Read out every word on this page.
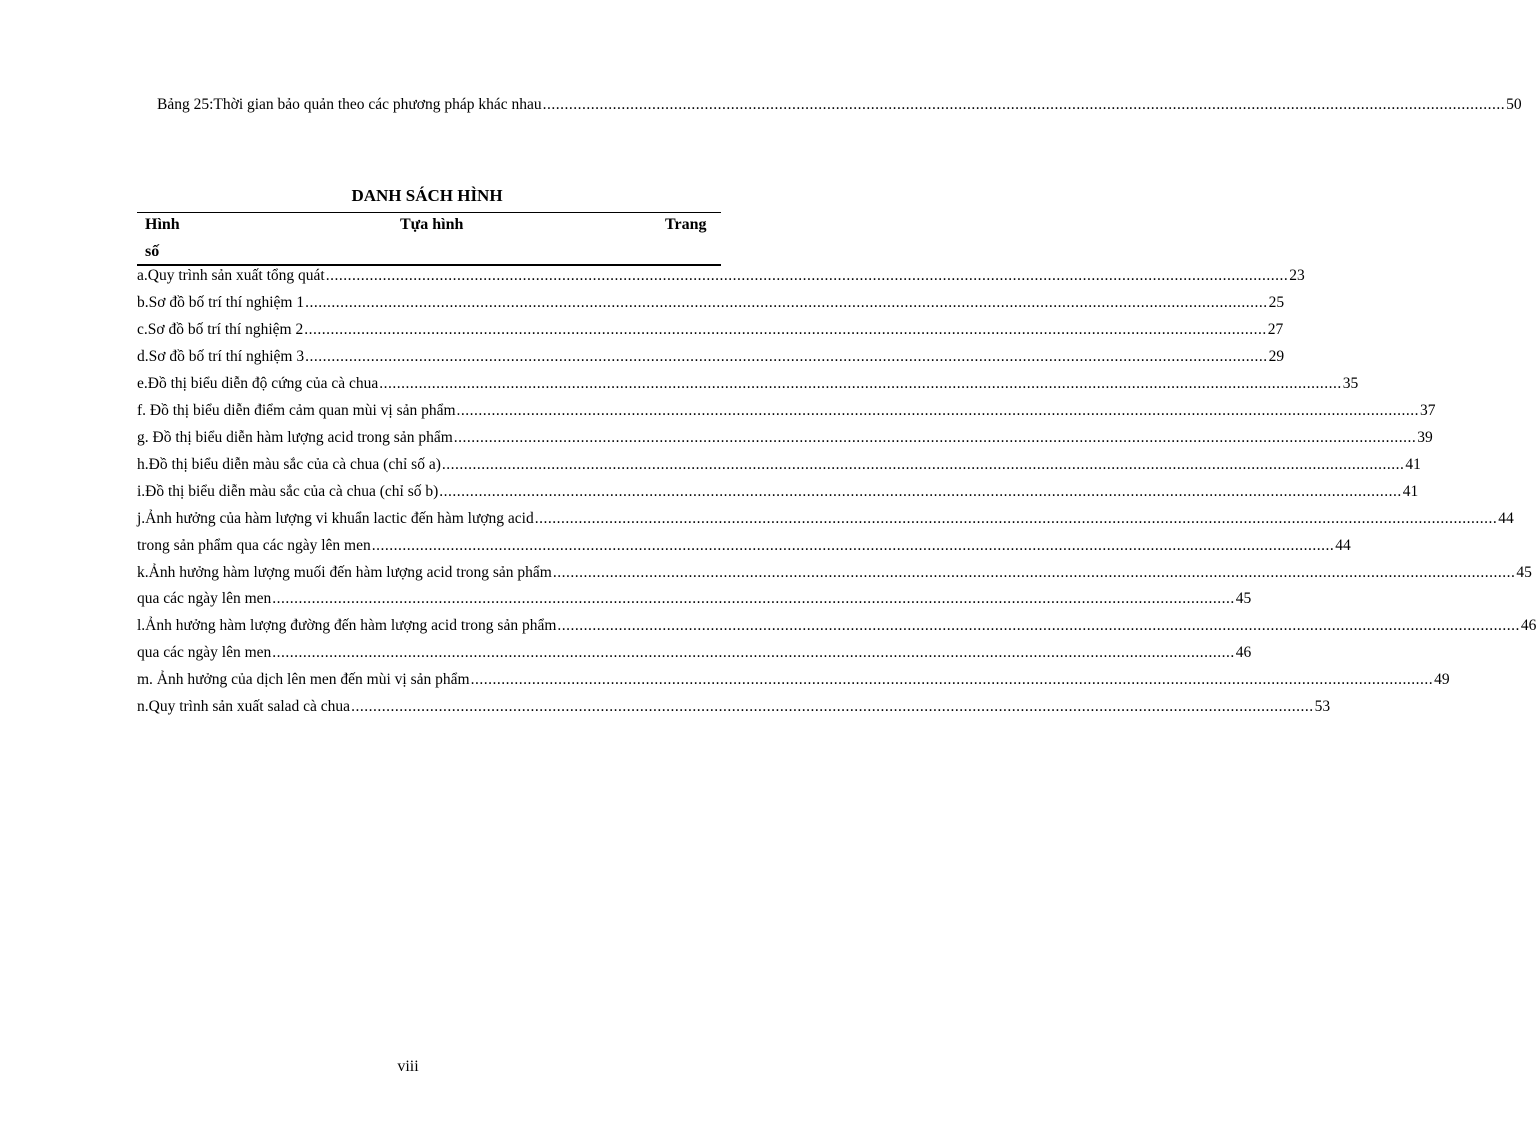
Bảng 25:Thời gian bảo quản theo các phương pháp khác nhau ............................................................................................................................................................................................................................ 50
DANH SÁCH HÌNH
Hình	Tựa hình	Trang
số
a.Quy trình sản xuất tổng quát ............................................................................................................................................................................................................................ 23
b.Sơ đồ bố trí thí nghiệm 1 ............................................................................................................................................................................................................................ 25
c.Sơ đồ bố trí thí nghiệm 2 ............................................................................................................................................................................................................................ 27
d.Sơ đồ bố trí thí nghiệm 3 ............................................................................................................................................................................................................................ 29
e.Đồ thị biểu diễn độ cứng của cà chua ............................................................................................................................................................................................................................ 35
f. Đồ thị biểu diễn điểm cảm quan mùi vị sản phẩm ............................................................................................................................................................................................................................ 37
g. Đồ thị biểu diễn hàm lượng acid trong sản phẩm ............................................................................................................................................................................................................................ 39
h.Đồ thị biểu diễn màu sắc của cà chua (chỉ số a) ............................................................................................................................................................................................................................ 41
i.Đồ thị biểu diễn màu sắc của cà chua (chỉ số b) ............................................................................................................................................................................................................................ 41
j.Ảnh hưởng của hàm lượng vi khuẩn lactic đến hàm lượng acid ............................................................................................................................................................................................................................ 44
trong sản phẩm qua các ngày lên men ............................................................................................................................................................................................................................ 44
k.Ảnh hưởng hàm lượng muối đến hàm lượng acid trong sản phẩm ............................................................................................................................................................................................................................ 45
qua các ngày lên men ............................................................................................................................................................................................................................ 45
l.Ảnh hưởng hàm lượng đường đến hàm lượng acid trong sản phẩm ............................................................................................................................................................................................................................ 46
qua các ngày lên men ............................................................................................................................................................................................................................ 46
m. Ảnh hưởng của dịch lên men đến mùi vị sản phẩm ............................................................................................................................................................................................................................ 49
n.Quy trình sản xuất salad cà chua ............................................................................................................................................................................................................................ 53
viii
